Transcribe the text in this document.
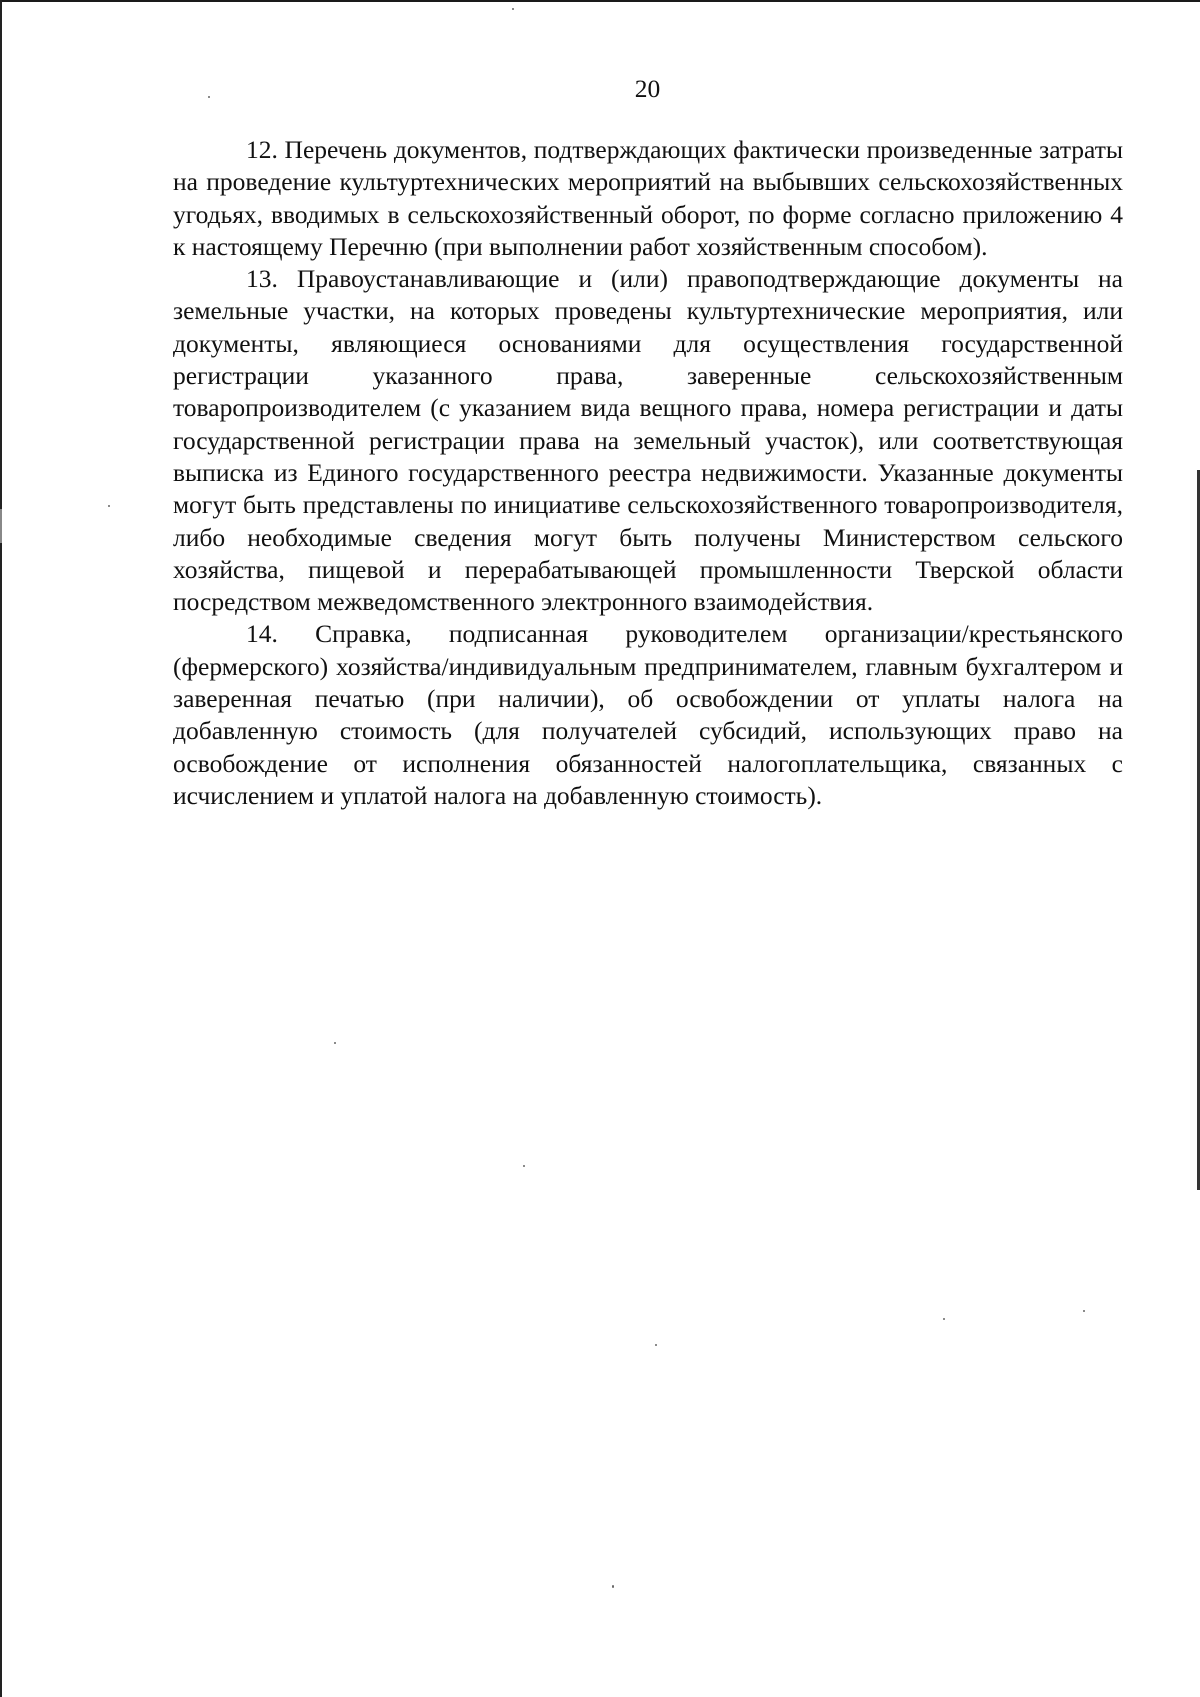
20

12. Перечень документов, подтверждающих фактически произведенные затраты на проведение культуртехнических мероприятий на выбывших сельскохозяйственных угодьях, вводимых в сельскохозяйственный оборот, по форме согласно приложению 4 к настоящему Перечню (при выполнении работ хозяйственным способом).

13. Правоустанавливающие и (или) правоподтверждающие документы на земельные участки, на которых проведены культуртехнические мероприятия, или документы, являющиеся основаниями для осуществления государственной регистрации указанного права, заверенные сельскохозяйственным товаропроизводителем (с указанием вида вещного права, номера регистрации и даты государственной регистрации права на земельный участок), или соответствующая выписка из Единого государственного реестра недвижимости. Указанные документы могут быть представлены по инициативе сельскохозяйственного товаропроизводителя, либо необходимые сведения могут быть получены Министерством сельского хозяйства, пищевой и перерабатывающей промышленности Тверской области посредством межведомственного электронного взаимодействия.

14. Справка, подписанная руководителем организации/крестьянского (фермерского) хозяйства/индивидуальным предпринимателем, главным бухгалтером и заверенная печатью (при наличии), об освобождении от уплаты налога на добавленную стоимость (для получателей субсидий, использующих право на освобождение от исполнения обязанностей налогоплательщика, связанных с исчислением и уплатой налога на добавленную стоимость).
